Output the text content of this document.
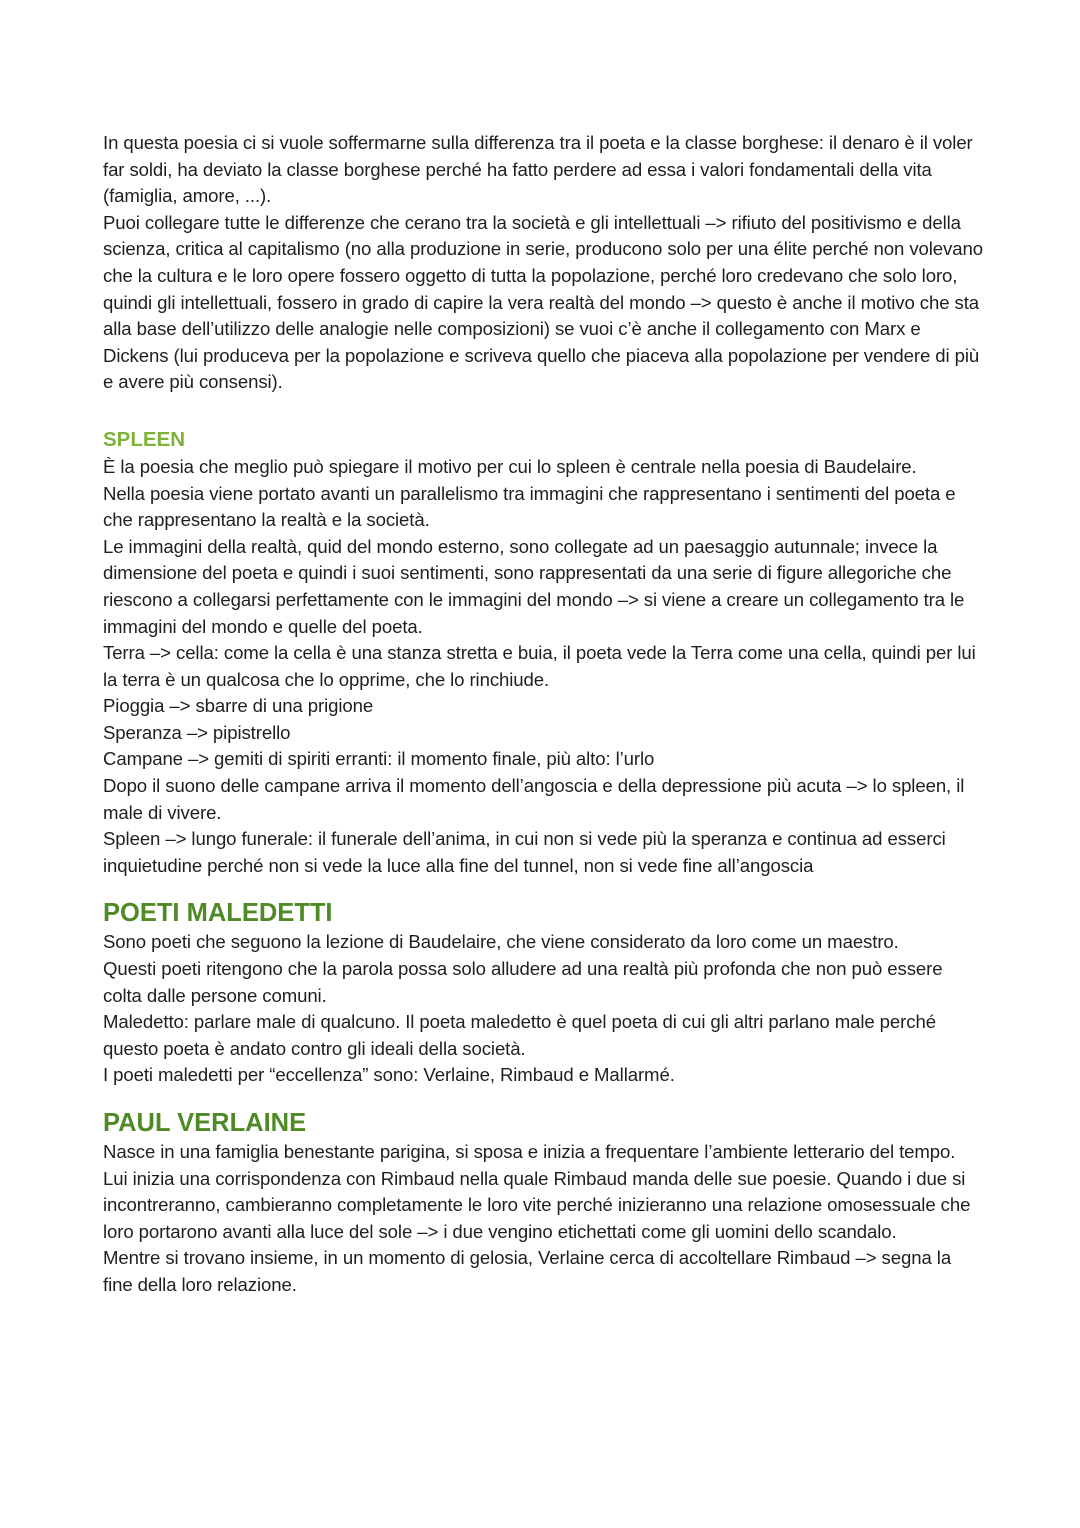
In questa poesia ci si vuole soffermarne sulla differenza tra il poeta e la classe borghese: il denaro è il voler far soldi, ha deviato la classe borghese perché ha fatto perdere ad essa i valori fondamentali della vita (famiglia, amore, ...).

Puoi collegare tutte le differenze che cerano tra la società e gli intellettuali –> rifiuto del positivismo e della scienza, critica al capitalismo (no alla produzione in serie, producono solo per una élite perché non volevano che la cultura e le loro opere fossero oggetto di tutta la popolazione, perché loro credevano che solo loro, quindi gli intellettuali, fossero in grado di capire la vera realtà del mondo –> questo è anche il motivo che sta alla base dell’utilizzo delle analogie nelle composizioni) se vuoi c’è anche il collegamento con Marx e Dickens (lui produceva per la popolazione e scriveva quello che piaceva alla popolazione per vendere di più e avere più consensi).

SPLEEN

È la poesia che meglio può spiegare il motivo per cui lo spleen è centrale nella poesia di Baudelaire.

Nella poesia viene portato avanti un parallelismo tra immagini che rappresentano i sentimenti del poeta e che rappresentano la realtà e la società.

Le immagini della realtà, quid del mondo esterno, sono collegate ad un paesaggio autunnale; invece la dimensione del poeta e quindi i suoi sentimenti, sono rappresentati da una serie di figure allegoriche che riescono a collegarsi perfettamente con le immagini del mondo –> si viene a creare un collegamento tra le immagini del mondo e quelle del poeta.

Terra –> cella: come la cella è una stanza stretta e buia, il poeta vede la Terra come una cella, quindi per lui la terra è un qualcosa che lo opprime, che lo rinchiude.

Pioggia –> sbarre di una prigione

Speranza –> pipistrello

Campane –> gemiti di spiriti erranti: il momento finale, più alto: l’urlo

Dopo il suono delle campane arriva il momento dell’angoscia e della depressione più acuta –> lo spleen, il male di vivere.

Spleen –> lungo funerale: il funerale dell’anima, in cui non si vede più la speranza e continua ad esserci inquietudine perché non si vede la luce alla fine del tunnel, non si vede fine all’angoscia

POETI MALEDETTI

Sono poeti che seguono la lezione di Baudelaire, che viene considerato da loro come un maestro.

Questi poeti ritengono che la parola possa solo alludere ad una realtà più profonda che non può essere colta dalle persone comuni.

Maledetto: parlare male di qualcuno. Il poeta maledetto è quel poeta di cui gli altri parlano male perché questo poeta è andato contro gli ideali della società.

I poeti maledetti per “eccellenza” sono: Verlaine, Rimbaud e Mallarmé.

PAUL VERLAINE

Nasce in una famiglia benestante parigina, si sposa e inizia a frequentare l’ambiente letterario del tempo. Lui inizia una corrispondenza con Rimbaud nella quale Rimbaud manda delle sue poesie. Quando i due si incontreranno, cambieranno completamente le loro vite perché inizieranno una relazione omosessuale che loro portarono avanti alla luce del sole –> i due vengino etichettati come gli uomini dello scandalo.

Mentre si trovano insieme, in un momento di gelosia, Verlaine cerca di accoltellare Rimbaud –> segna la fine della loro relazione.
